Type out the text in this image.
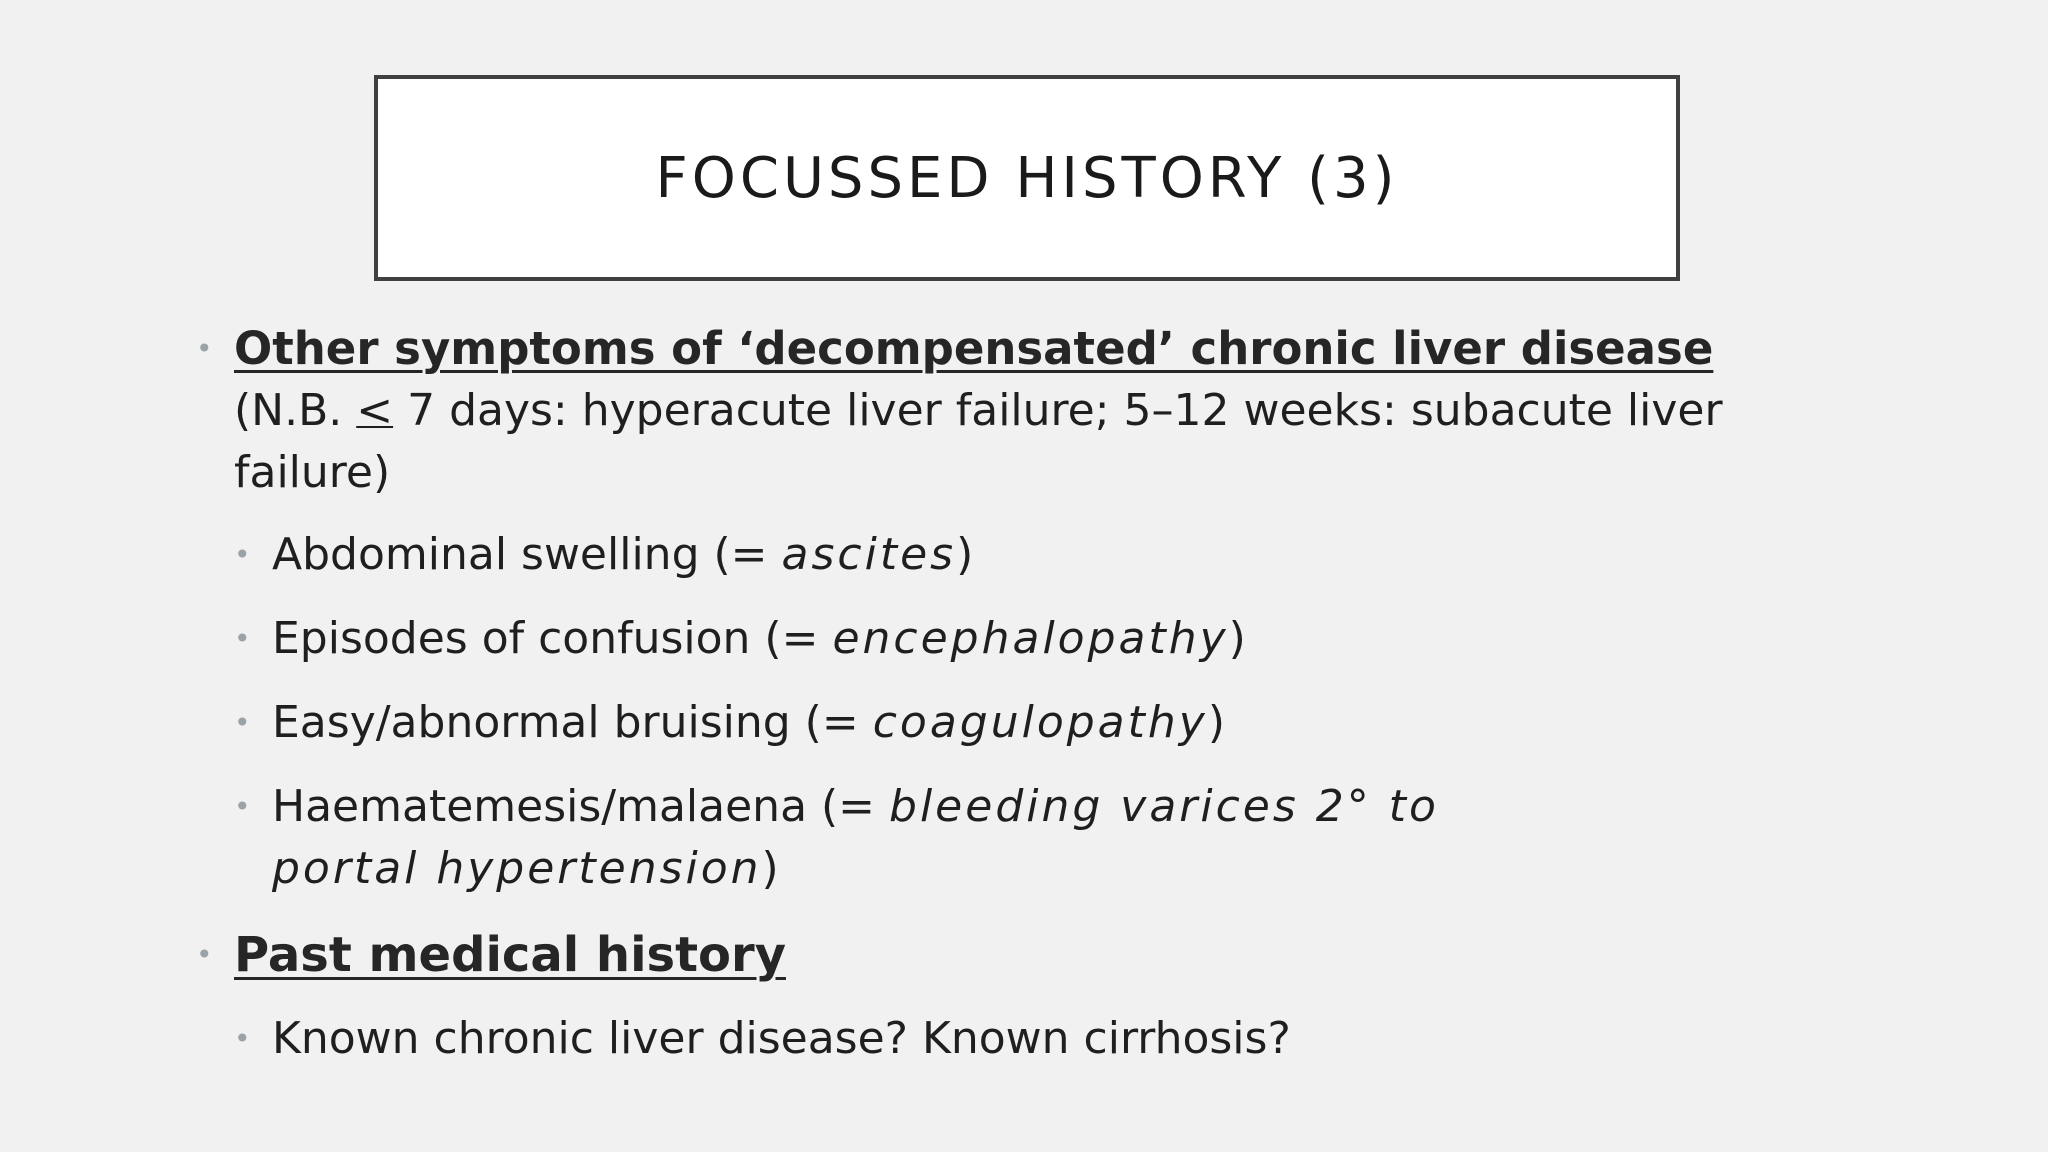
FOCUSSED HISTORY (3)
• Other symptoms of ‘decompensated’ chronic liver disease
(N.B. < 7 days: hyperacute liver failure; 5–12 weeks: subacute liver failure)
• Abdominal swelling (= ascites)
• Episodes of confusion (= encephalopathy)
• Easy/abnormal bruising (= coagulopathy)
• Haematemesis/malaena (= bleeding varices 2° to portal hypertension)
• Past medical history
• Known chronic liver disease? Known cirrhosis?
